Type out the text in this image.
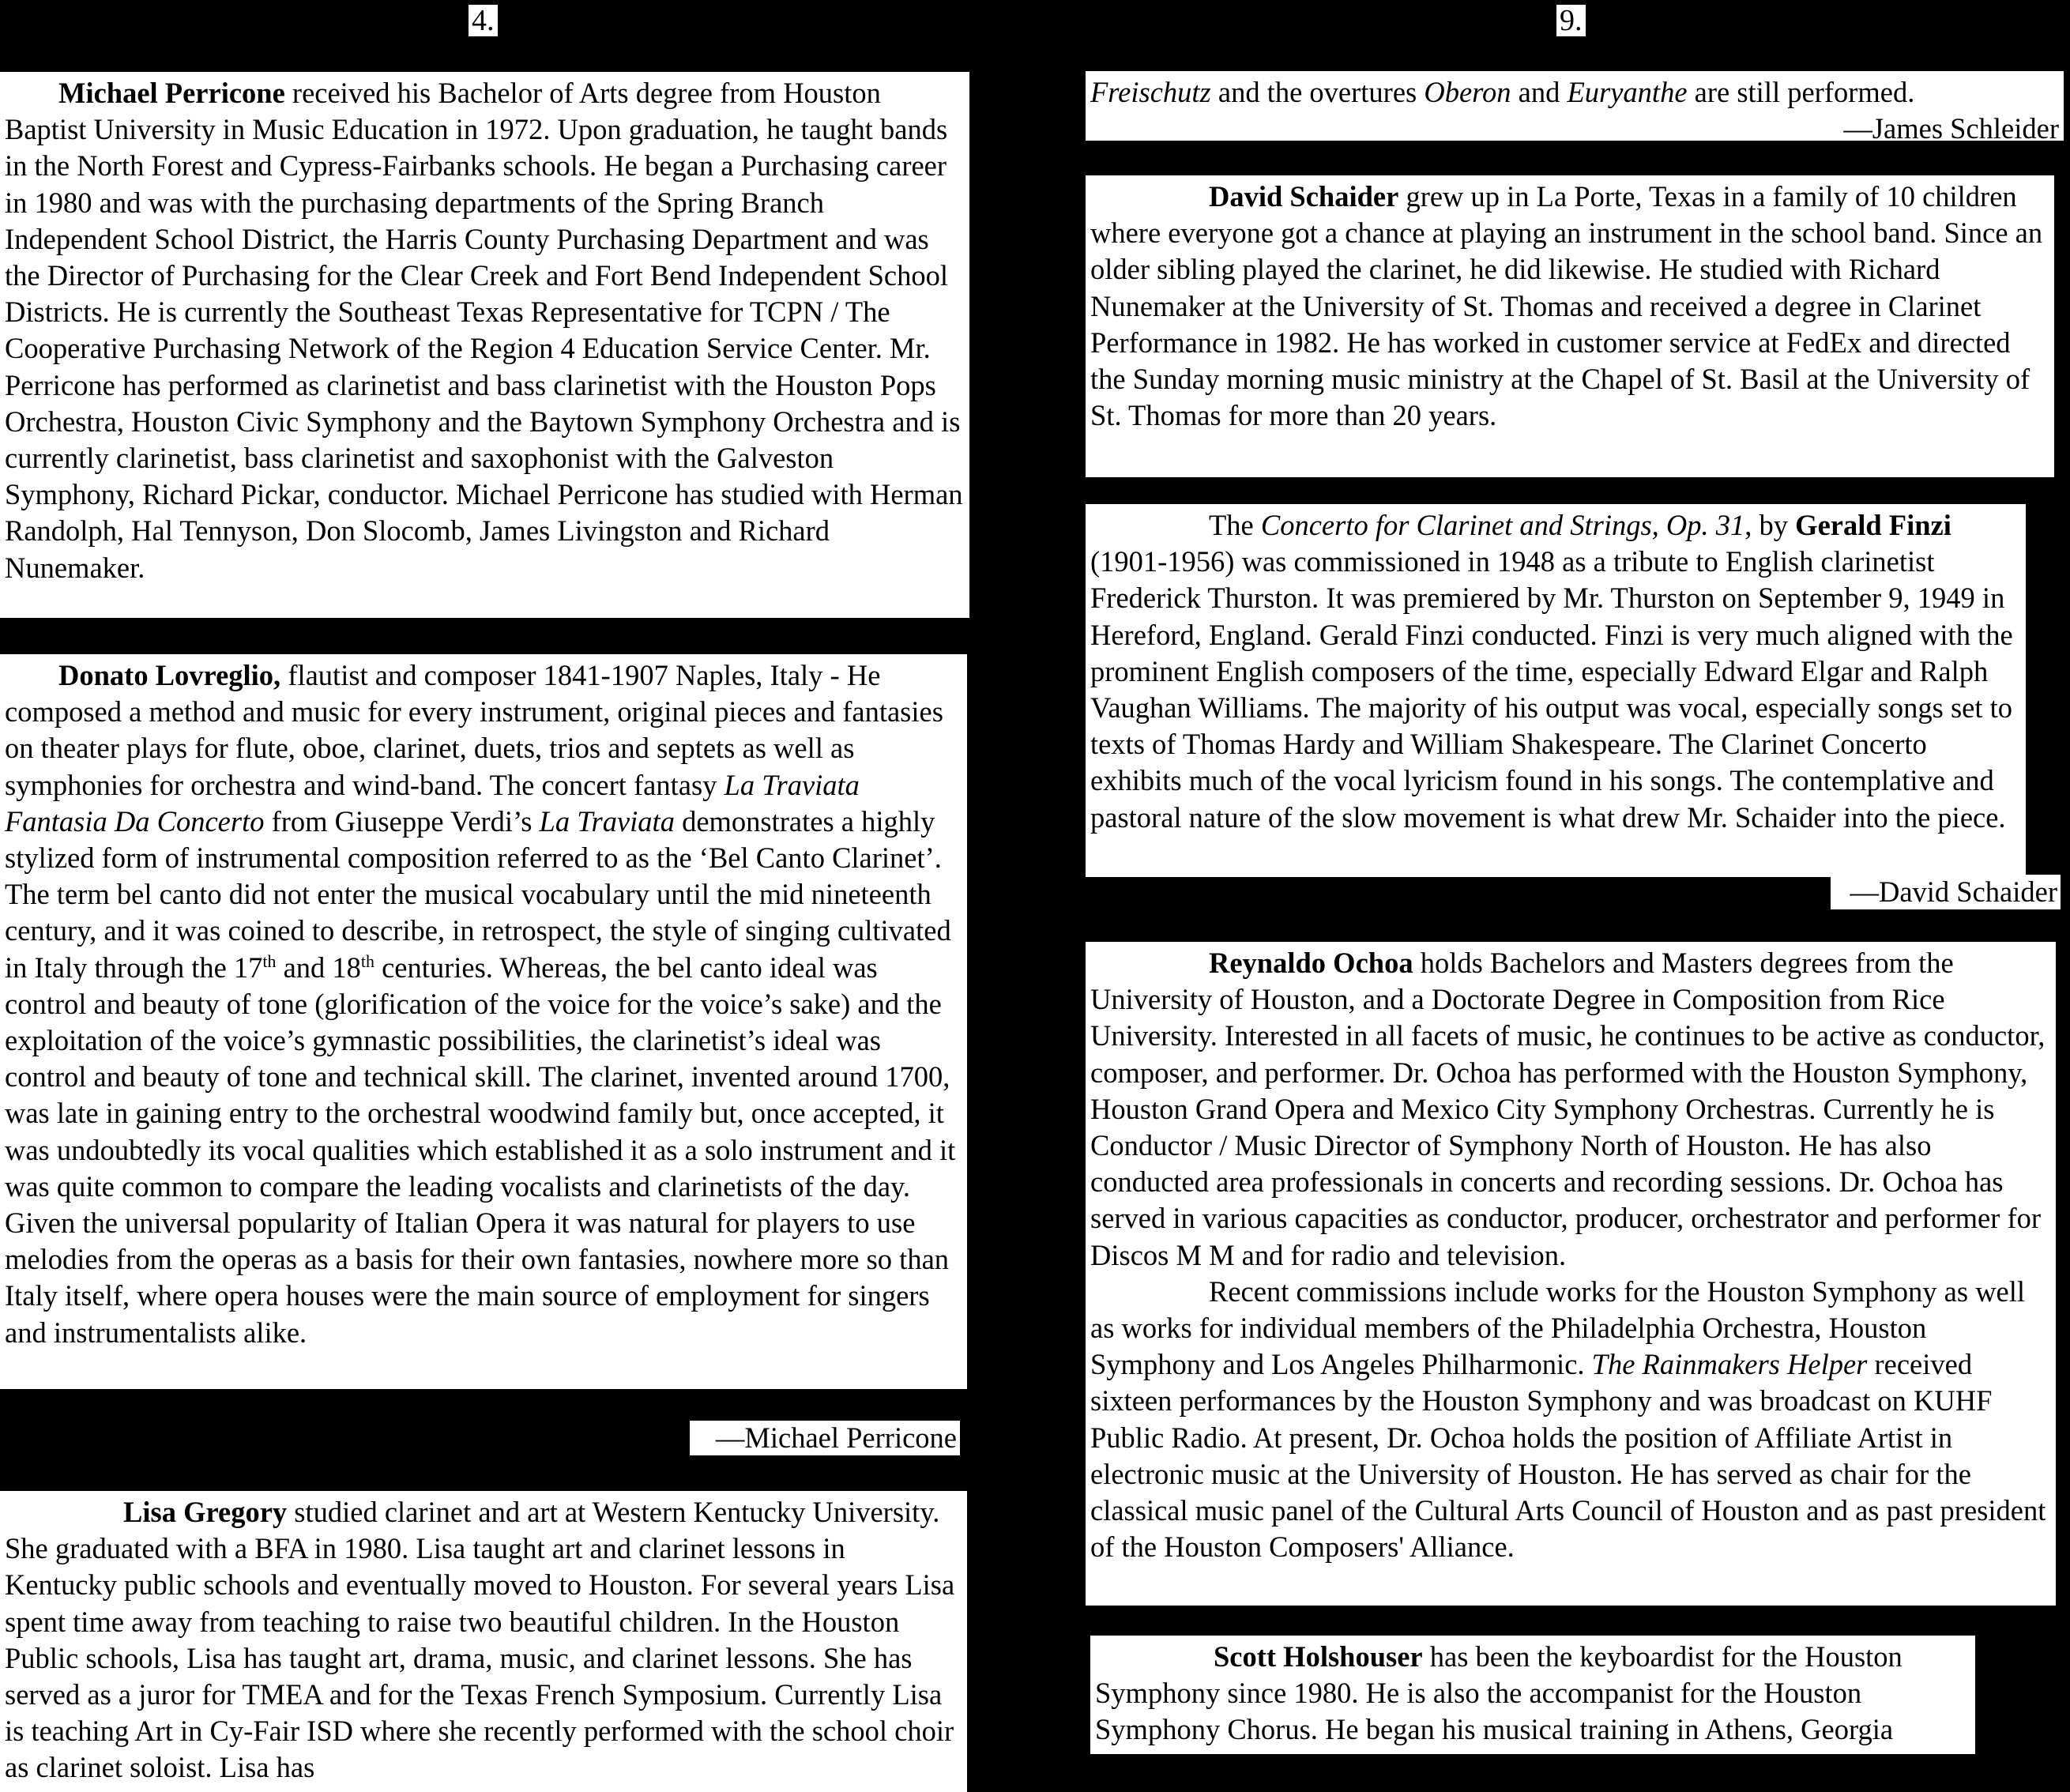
4.	9.

Michael Perricone received his Bachelor of Arts degree from Houston Baptist University in Music Education in 1972. Upon graduation, he taught bands in the North Forest and Cypress-Fairbanks schools. He began a Purchasing career in 1980 and was with the purchasing departments of the Spring Branch Independent School District, the Harris County Purchasing Department and was the Director of Purchasing for the Clear Creek and Fort Bend Independent School Districts. He is currently the Southeast Texas Representative for TCPN / The Cooperative Purchasing Network of the Region 4 Education Service Center. Mr. Perricone has performed as clarinetist and bass clarinetist with the Houston Pops Orchestra, Houston Civic Symphony and the Baytown Symphony Orchestra and is currently clarinetist, bass clarinetist and saxophonist with the Galveston Symphony, Richard Pickar, conductor. Michael Perricone has studied with Herman Randolph, Hal Tennyson, Don Slocomb, James Livingston and Richard Nunemaker.

Donato Lovreglio, flautist and composer 1841-1907 Naples, Italy - He composed a method and music for every instrument, original pieces and fantasies on theater plays for flute, oboe, clarinet, duets, trios and septets as well as symphonies for orchestra and wind-band. The concert fantasy La Traviata Fantasia Da Concerto from Giuseppe Verdi’s La Traviata demonstrates a highly stylized form of instrumental composition referred to as the ‘Bel Canto Clarinet’. The term bel canto did not enter the musical vocabulary until the mid nineteenth century, and it was coined to describe, in retrospect, the style of singing cultivated in Italy through the 17th and 18th centuries. Whereas, the bel canto ideal was control and beauty of tone (glorification of the voice for the voice’s sake) and the exploitation of the voice’s gymnastic possibilities, the clarinetist’s ideal was control and beauty of tone and technical skill. The clarinet, invented around 1700, was late in gaining entry to the orchestral woodwind family but, once accepted, it was undoubtedly its vocal qualities which established it as a solo instrument and it was quite common to compare the leading vocalists and clarinetists of the day. Given the universal popularity of Italian Opera it was natural for players to use melodies from the operas as a basis for their own fantasies, nowhere more so than Italy itself, where opera houses were the main source of employment for singers and instrumentalists alike.

—Michael Perricone

Lisa Gregory studied clarinet and art at Western Kentucky University. She graduated with a BFA in 1980. Lisa taught art and clarinet lessons in Kentucky public schools and eventually moved to Houston. For several years Lisa spent time away from teaching to raise two beautiful children. In the Houston Public schools, Lisa has taught art, drama, music, and clarinet lessons. She has served as a juror for TMEA and for the Texas French Symposium. Currently Lisa is teaching Art in Cy-Fair ISD where she recently performed with the school choir as clarinet soloist. Lisa has

Freischutz and the overtures Oberon and Euryanthe are still performed.

—James Schleider

David Schaider grew up in La Porte, Texas in a family of 10 children where everyone got a chance at playing an instrument in the school band. Since an older sibling played the clarinet, he did likewise. He studied with Richard Nunemaker at the University of St. Thomas and received a degree in Clarinet Performance in 1982. He has worked in customer service at FedEx and directed the Sunday morning music ministry at the Chapel of St. Basil at the University of St. Thomas for more than 20 years.

The Concerto for Clarinet and Strings, Op. 31, by Gerald Finzi (1901-1956) was commissioned in 1948 as a tribute to English clarinetist Frederick Thurston. It was premiered by Mr. Thurston on September 9, 1949 in Hereford, England. Gerald Finzi conducted. Finzi is very much aligned with the prominent English composers of the time, especially Edward Elgar and Ralph Vaughan Williams. The majority of his output was vocal, especially songs set to texts of Thomas Hardy and William Shakespeare. The Clarinet Concerto exhibits much of the vocal lyricism found in his songs. The contemplative and pastoral nature of the slow movement is what drew Mr. Schaider into the piece.

—David Schaider

Reynaldo Ochoa holds Bachelors and Masters degrees from the University of Houston, and a Doctorate Degree in Composition from Rice University. Interested in all facets of music, he continues to be active as conductor, composer, and performer. Dr. Ochoa has performed with the Houston Symphony, Houston Grand Opera and Mexico City Symphony Orchestras. Currently he is Conductor / Music Director of Symphony North of Houston. He has also conducted area professionals in concerts and recording sessions. Dr. Ochoa has served in various capacities as conductor, producer, orchestrator and performer for Discos M M and for radio and television.

Recent commissions include works for the Houston Symphony as well as works for individual members of the Philadelphia Orchestra, Houston Symphony and Los Angeles Philharmonic. The Rainmakers Helper received sixteen performances by the Houston Symphony and was broadcast on KUHF Public Radio. At present, Dr. Ochoa holds the position of Affiliate Artist in electronic music at the University of Houston. He has served as chair for the classical music panel of the Cultural Arts Council of Houston and as past president of the Houston Composers' Alliance.

Scott Holshouser has been the keyboardist for the Houston Symphony since 1980. He is also the accompanist for the Houston Symphony Chorus. He began his musical training in Athens, Georgia
